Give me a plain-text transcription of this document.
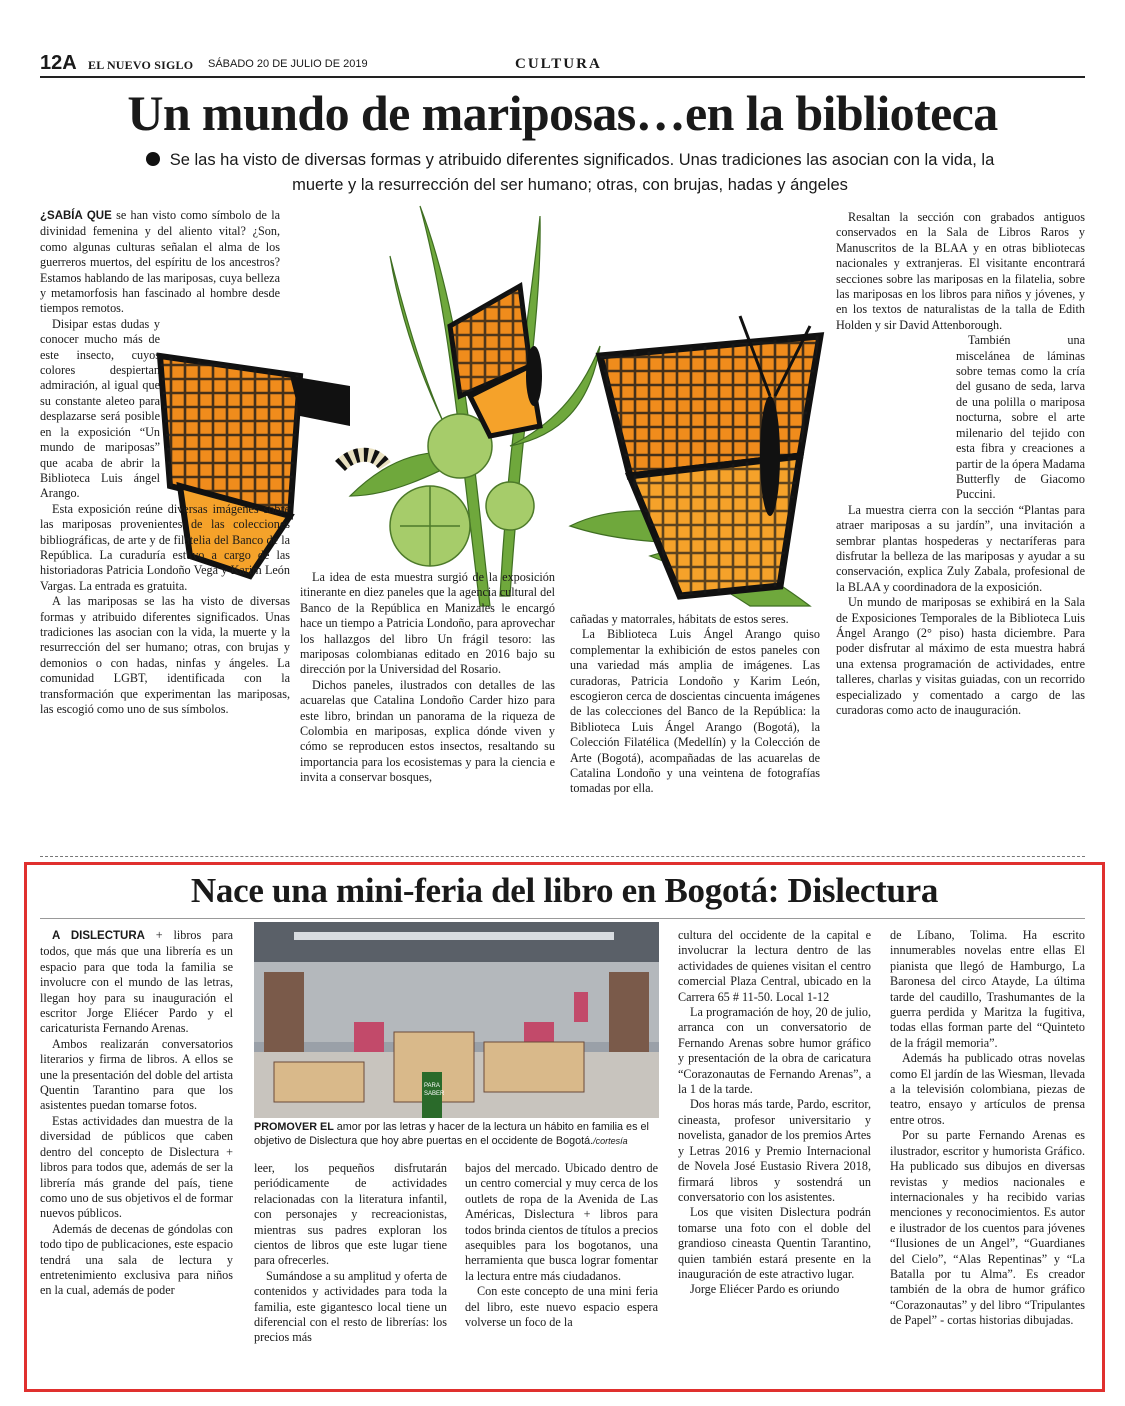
12A EL NUEVO SIGLO SÁBADO 20 DE JULIO DE 2019	CULTURA
Un mundo de mariposas…en la biblioteca
Se las ha visto de diversas formas y atribuido diferentes significados. Unas tradiciones las asocian con la vida, la muerte y la resurrección del ser humano; otras, con brujas, hadas y ángeles

¿SABÍA QUE se han visto como símbolo de la divinidad femenina y del aliento vital? ¿Son, como algunas culturas señalan el alma de los guerreros muertos, del espíritu de los ancestros? Estamos hablando de las mariposas, cuya belleza y metamorfosis han fascinado al hombre desde tiempos remotos.

Disipar estas dudas y conocer mucho más de este insecto, cuyos colores despiertan admiración, al igual que su constante aleteo para desplazarse será posible en la exposición “Un mundo de mariposas” que acaba de abrir la Biblioteca Luis ángel Arango.

Esta exposición reúne diversas imágenes sobre las mariposas provenientes de las colecciones bibliográficas, de arte y de filatelia del Banco de la República. La curaduría estuvo a cargo de las historiadoras Patricia Londoño Vega y Karim León Vargas. La entrada es gratuita.

A las mariposas se las ha visto de diversas formas y atribuido diferentes significados. Unas tradiciones las asocian con la vida, la muerte y la resurrección del ser humano; otras, con brujas y demonios o con hadas, ninfas y ángeles. La comunidad LGBT, identificada con la transformación que experimentan las mariposas, las escogió como uno de sus símbolos.

La idea de esta muestra surgió de la exposición itinerante en diez paneles que la agencia cultural del Banco de la República en Manizales le encargó hace un tiempo a Patricia Londoño, para aprovechar los hallazgos del libro Un frágil tesoro: las mariposas colombianas editado en 2016 bajo su dirección por la Universidad del Rosario.

Dichos paneles, ilustrados con detalles de las acuarelas que Catalina Londoño Carder hizo para este libro, brindan un panorama de la riqueza de Colombia en mariposas, explica dónde viven y cómo se reproducen estos insectos, resaltando su importancia para los ecosistemas y para la ciencia e invita a conservar bosques,

cañadas y matorrales, hábitats de estos seres.

La Biblioteca Luis Ángel Arango quiso complementar la exhibición de estos paneles con una variedad más amplia de imágenes. Las curadoras, Patricia Londoño y Karim León, escogieron cerca de doscientas cincuenta imágenes de las colecciones del Banco de la República: la Biblioteca Luis Ángel Arango (Bogotá), la Colección Filatélica (Medellín) y la Colección de Arte (Bogotá), acompañadas de las acuarelas de Catalina Londoño y una veintena de fotografías tomadas por ella.

Resaltan la sección con grabados antiguos conservados en la Sala de Libros Raros y Manuscritos de la BLAA y en otras bibliotecas nacionales y extranjeras. El visitante encontrará secciones sobre las mariposas en la filatelia, sobre las mariposas en los libros para niños y jóvenes, y en los textos de naturalistas de la talla de Edith Holden y sir David Attenborough.

También una miscelánea de láminas sobre temas como la cría del gusano de seda, larva de una polilla o mariposa nocturna, sobre el arte milenario del tejido con esta fibra y creaciones a partir de la ópera Madama Butterfly de Giacomo Puccini.

La muestra cierra con la sección “Plantas para atraer mariposas a su jardín”, una invitación a sembrar plantas hospederas y nectaríferas para disfrutar la belleza de las mariposas y ayudar a su conservación, explica Zuly Zabala, profesional de la BLAA y coordinadora de la exposición.

Un mundo de mariposas se exhibirá en la Sala de Exposiciones Temporales de la Biblioteca Luis Ángel Arango (2° piso) hasta diciembre. Para poder disfrutar al máximo de esta muestra habrá una extensa programación de actividades, entre talleres, charlas y visitas guiadas, con un recorrido especializado y comentado a cargo de las curadoras como acto de inauguración.

Nace una mini-feria del libro en Bogotá: Dislectura
PARA
SABER
PROMOVER EL amor por las letras y hacer de la lectura un hábito en familia es el objetivo de Dislectura que hoy abre puertas en el occidente de Bogotá./cortesía

A DISLECTURA + libros para todos, que más que una librería es un espacio para que toda la familia se involucre con el mundo de las letras, llegan hoy para su inauguración el escritor Jorge Eliécer Pardo y el caricaturista Fernando Arenas.

Ambos realizarán conversatorios literarios y firma de libros. A ellos se une la presentación del doble del artista Quentin Tarantino para que los asistentes puedan tomarse fotos.

Estas actividades dan muestra de la diversidad de públicos que caben dentro del concepto de Dislectura + libros para todos que, además de ser la librería más grande del país, tiene como uno de sus objetivos el de formar nuevos públicos.

Además de decenas de góndolas con todo tipo de publicaciones, este espacio tendrá una sala de lectura y entretenimiento exclusiva para niños en la cual, además de poder

leer, los pequeños disfrutarán periódicamente de actividades relacionadas con la literatura infantil, con personajes y recreacionistas, mientras sus padres exploran los cientos de libros que este lugar tiene para ofrecerles.

Sumándose a su amplitud y oferta de contenidos y actividades para toda la familia, este gigantesco local tiene un diferencial con el resto de librerías: los precios más

bajos del mercado. Ubicado dentro de un centro comercial y muy cerca de los outlets de ropa de la Avenida de Las Américas, Dislectura + libros para todos brinda cientos de títulos a precios asequibles para los bogotanos, una herramienta que busca lograr fomentar la lectura entre más ciudadanos.

Con este concepto de una mini feria del libro, este nuevo espacio espera volverse un foco de la

cultura del occidente de la capital e involucrar la lectura dentro de las actividades de quienes visitan el centro comercial Plaza Central, ubicado en la Carrera 65 # 11-50. Local 1-12

La programación de hoy, 20 de julio, arranca con un conversatorio de Fernando Arenas sobre humor gráfico y presentación de la obra de caricatura “Corazonautas de Fernando Arenas”, a la 1 de la tarde.

Dos horas más tarde, Pardo, escritor, cineasta, profesor universitario y novelista, ganador de los premios Artes y Letras 2016 y Premio Internacional de Novela José Eustasio Rivera 2018, firmará libros y sostendrá un conversatorio con los asistentes.

Los que visiten Dislectura podrán tomarse una foto con el doble del grandioso cineasta Quentin Tarantino, quien también estará presente en la inauguración de este atractivo lugar.

Jorge Eliécer Pardo es oriundo

de Líbano, Tolima. Ha escrito innumerables novelas entre ellas El pianista que llegó de Hamburgo, La Baronesa del circo Atayde, La última tarde del caudillo, Trashumantes de la guerra perdida y Maritza la fugitiva, todas ellas forman parte del “Quinteto de la frágil memoria”.

Además ha publicado otras novelas como El jardín de las Wiesman, llevada a la televisión colombiana, piezas de teatro, ensayo y artículos de prensa entre otros.

Por su parte Fernando Arenas es ilustrador, escritor y humorista Gráfico. Ha publicado sus dibujos en diversas revistas y medios nacionales e internacionales y ha recibido varias menciones y reconocimientos. Es autor e ilustrador de los cuentos para jóvenes “Ilusiones de un Angel”, “Guardianes del Cielo”, “Alas Repentinas” y “La Batalla por tu Alma”. Es creador también de la obra de humor gráfico “Corazonautas” y del libro “Tripulantes de Papel” - cortas historias dibujadas.
